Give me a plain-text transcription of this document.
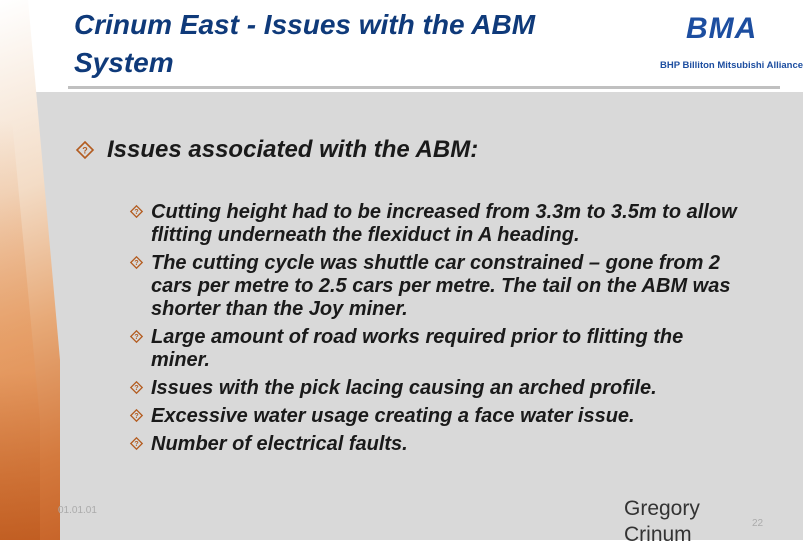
Crinum East - Issues with the ABM System
BMA
BHP Billiton Mitsubishi Alliance
? Issues associated with the ABM:
? Cutting height had to be increased from 3.3m to 3.5m to allow flitting underneath the flexiduct in A heading.
? The cutting cycle was shuttle car constrained – gone from 2 cars per metre to 2.5 cars per metre. The tail on the ABM was shorter than the Joy miner.
? Large amount of road works required prior to flitting the miner.
? Issues with the pick lacing causing an arched profile.
? Excessive water usage creating a face water issue.
? Number of electrical faults.
01.01.01
22
Gregory Crinum
